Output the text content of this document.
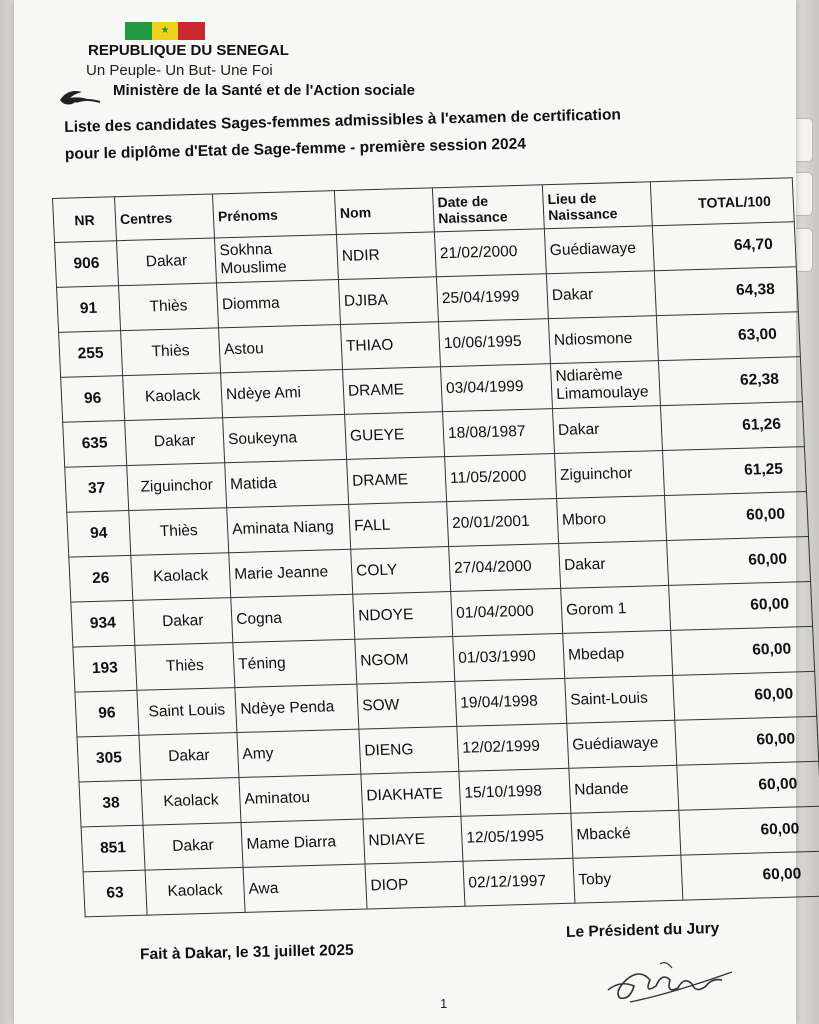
★
REPUBLIQUE DU SENEGAL
Un Peuple- Un But- Une Foi
Ministère de la Santé et de l'Action sociale
Liste des candidates Sages-femmes admissibles à l'examen de certification
pour le diplôme d'Etat de Sage-femme - première session 2024
NR	Centres	Prénoms	Nom	Date de Naissance	Lieu de Naissance	TOTAL/100
906	Dakar	Sokhna Mouslime	NDIR	21/02/2000	Guédiawaye	64,70
91	Thiès	Diomma	DJIBA	25/04/1999	Dakar	64,38
255	Thiès	Astou	THIAO	10/06/1995	Ndiosmone	63,00
96	Kaolack	Ndèye Ami	DRAME	03/04/1999	Ndiarème Limamoulaye	62,38
635	Dakar	Soukeyna	GUEYE	18/08/1987	Dakar	61,26
37	Ziguinchor	Matida	DRAME	11/05/2000	Ziguinchor	61,25
94	Thiès	Aminata Niang	FALL	20/01/2001	Mboro	60,00
26	Kaolack	Marie Jeanne	COLY	27/04/2000	Dakar	60,00
934	Dakar	Cogna	NDOYE	01/04/2000	Gorom 1	60,00
193	Thiès	Téning	NGOM	01/03/1990	Mbedap	60,00
96	Saint Louis	Ndèye Penda	SOW	19/04/1998	Saint-Louis	60,00
305	Dakar	Amy	DIENG	12/02/1999	Guédiawaye	60,00
38	Kaolack	Aminatou	DIAKHATE	15/10/1998	Ndande	60,00
851	Dakar	Mame Diarra	NDIAYE	12/05/1995	Mbacké	60,00
63	Kaolack	Awa	DIOP	02/12/1997	Toby	60,00
Fait à Dakar, le 31 juillet 2025
Le Président du Jury
1
